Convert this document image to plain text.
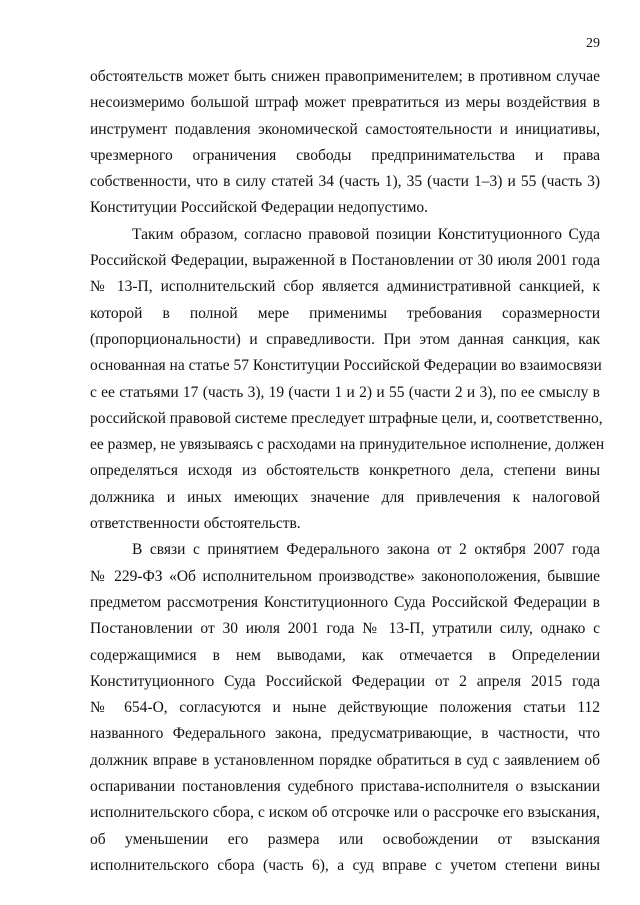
29
обстоятельств может быть снижен правоприменителем; в противном случае
несоизмеримо большой штраф может превратиться из меры воздействия в
инструмент подавления экономической самостоятельности и инициативы,
чрезмерного ограничения свободы предпринимательства и права
собственности, что в силу статей 34 (часть 1), 35 (части 1–3) и 55 (часть 3)
Конституции Российской Федерации недопустимо.
Таким образом, согласно правовой позиции Конституционного Суда
Российской Федерации, выраженной в Постановлении от 30 июля 2001 года
№ 13-П, исполнительский сбор является административной санкцией, к
которой в полной мере применимы требования соразмерности
(пропорциональности) и справедливости. При этом данная санкция, как
основанная на статье 57 Конституции Российской Федерации во взаимосвязи
с ее статьями 17 (часть 3), 19 (части 1 и 2) и 55 (части 2 и 3), по ее смыслу в
российской правовой системе преследует штрафные цели, и, соответственно,
ее размер, не увязываясь с расходами на принудительное исполнение, должен
определяться исходя из обстоятельств конкретного дела, степени вины
должника и иных имеющих значение для привлечения к налоговой
ответственности обстоятельств.
В связи с принятием Федерального закона от 2 октября 2007 года
№ 229-ФЗ «Об исполнительном производстве» законоположения, бывшие
предметом рассмотрения Конституционного Суда Российской Федерации в
Постановлении от 30 июля 2001 года № 13-П, утратили силу, однако с
содержащимися в нем выводами, как отмечается в Определении
Конституционного Суда Российской Федерации от 2 апреля 2015 года
№ 654-О, согласуются и ныне действующие положения статьи 112
названного Федерального закона, предусматривающие, в частности, что
должник вправе в установленном порядке обратиться в суд с заявлением об
оспаривании постановления судебного пристава-исполнителя о взыскании
исполнительского сбора, с иском об отсрочке или о рассрочке его взыскания,
об уменьшении его размера или освобождении от взыскания
исполнительского сбора (часть 6), а суд вправе с учетом степени вины
